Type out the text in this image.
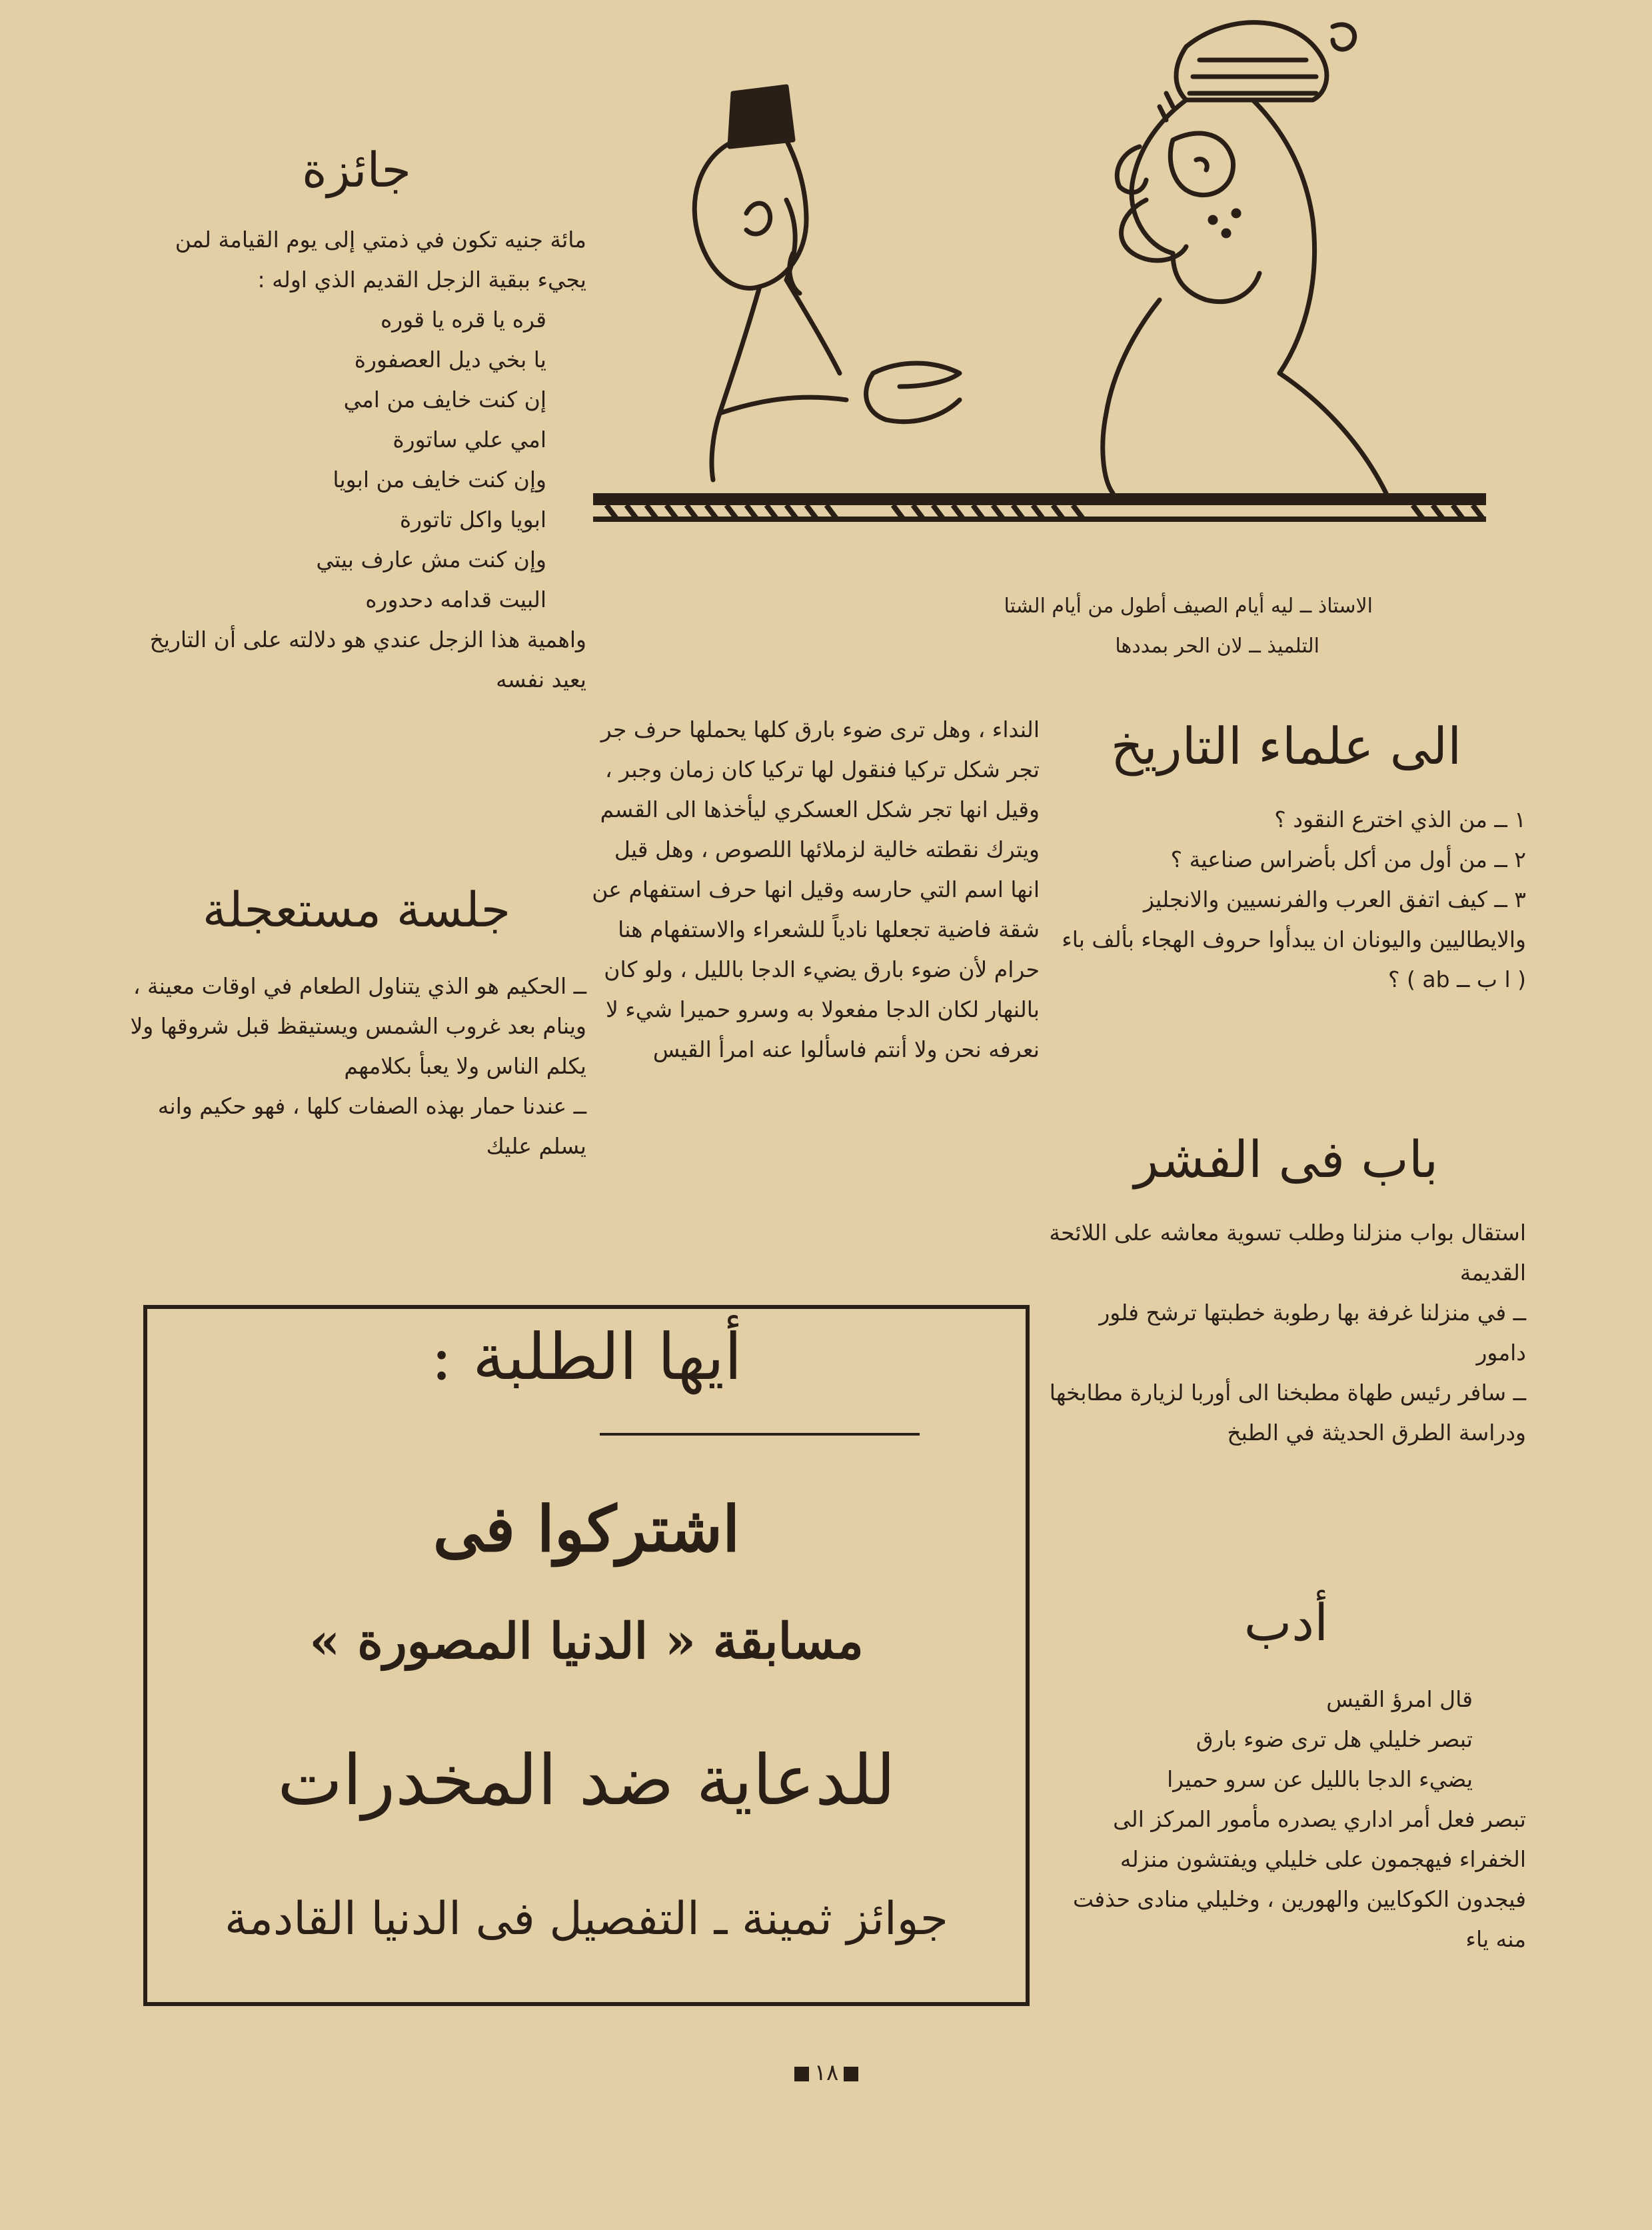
الاستاذ ــ ليه أيام الصيف أطول من أيام الشتا
التلميذ ــ لان الحر بمددها
جائزة
مائة جنيه تكون في ذمتي إلى يوم القيامة لمن يجيء ببقية الزجل القديم الذي اوله :
قره يا قره يا قوره
يا بخي ديل العصفورة
إن كنت خايف من امي
امي علي ساتورة
وإن كنت خايف من ابويا
ابويا واكل تاتورة
وإن كنت مش عارف بيتي
البيت قدامه دحدوره
واهمية هذا الزجل عندي هو دلالته على أن التاريخ يعيد نفسه
جلسة مستعجلة
ــ الحكيم هو الذي يتناول الطعام في اوقات معينة ، وينام بعد غروب الشمس ويستيقظ قبل شروقها ولا يكلم الناس ولا يعبأ بكلامهم
ــ عندنا حمار بهذه الصفات كلها ، فهو حكيم وانه يسلم عليك
النداء ، وهل ترى ضوء بارق كلها يحملها حرف جر تجر شكل تركيا فنقول لها تركيا كان زمان وجبر ، وقيل انها تجر شكل العسكري ليأخذها الى القسم ويترك نقطته خالية لزملائها اللصوص ، وهل قيل انها اسم التي حارسه وقيل انها حرف استفهام عن شقة فاضية تجعلها نادياً للشعراء والاستفهام هنا حرام لأن ضوء بارق يضيء الدجا بالليل ، ولو كان بالنهار لكان الدجا مفعولا به وسرو حميرا شيء لا نعرفه نحن ولا أنتم فاسألوا عنه امرأ القيس
الى علماء التاريخ
١ ــ من الذي اخترع النقود ؟
٢ ــ من أول من أكل بأضراس صناعية ؟
٣ ــ كيف اتفق العرب والفرنسيين والانجليز والايطاليين واليونان ان يبدأوا حروف الهجاء بألف باء ( ا ب ــ ab ) ؟
باب فى الفشر
استقال بواب منزلنا وطلب تسوية معاشه على اللائحة القديمة
ــ في منزلنا غرفة بها رطوبة خطبتها ترشح فلور دامور
ــ سافر رئيس طهاة مطبخنا الى أوربا لزيارة مطابخها ودراسة الطرق الحديثة في الطبخ
أدب
قال امرؤ القيس
تبصر خليلي هل ترى ضوء بارق
يضيء الدجا بالليل عن سرو حميرا
تبصر فعل أمر اداري يصدره مأمور المركز الى الخفراء فيهجمون على خليلي ويفتشون منزله فيجدون الكوكايين والهورين ، وخليلي منادى حذفت منه ياء
أيها الطلبة :
اشتركوا فى
مسابقة « الدنيا المصورة »
للدعاية ضد المخدرات
جوائز ثمينة ـ التفصيل فى الدنيا القادمة
١٨
